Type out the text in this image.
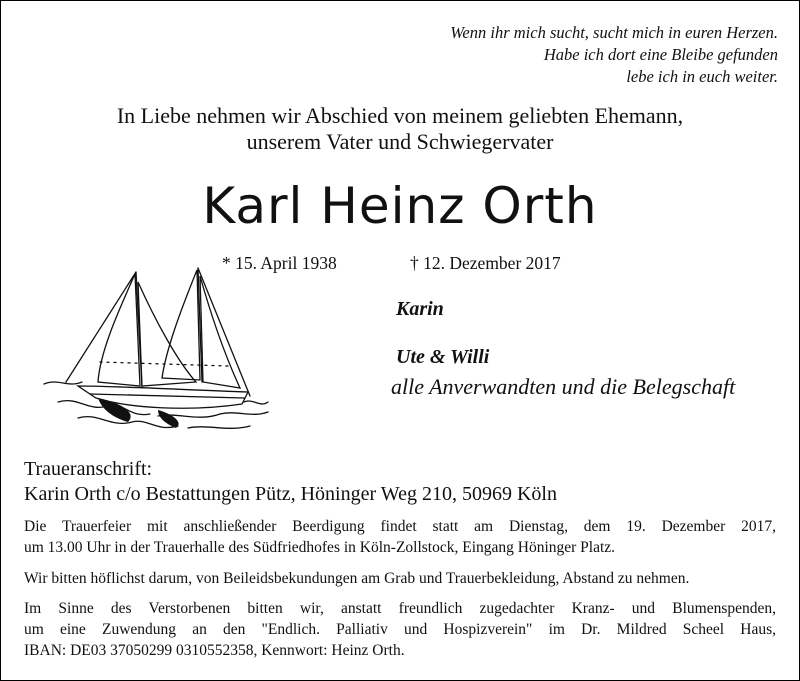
Wenn ihr mich sucht, sucht mich in euren Herzen.
Habe ich dort eine Bleibe gefunden
lebe ich in euch weiter.
In Liebe nehmen wir Abschied von meinem geliebten Ehemann,
unserem Vater und Schwiegervater
Karl Heinz Orth
* 15. April 1938	† 12. Dezember 2017
Karin
Ute & Willi
alle Anverwandten und die Belegschaft
Traueranschrift:
Karin Orth c/o Bestattungen Pütz, Höninger Weg 210, 50969 Köln
Die Trauerfeier mit anschließender Beerdigung findet statt am Dienstag, dem 19. Dezember 2017,
um 13.00 Uhr in der Trauerhalle des Südfriedhofes in Köln-Zollstock, Eingang Höninger Platz.
Wir bitten höflichst darum, von Beileidsbekundungen am Grab und Trauerbekleidung, Abstand zu nehmen.
Im Sinne des Verstorbenen bitten wir, anstatt freundlich zugedachter Kranz- und Blumenspenden,
um eine Zuwendung an den "Endlich. Palliativ und Hospizverein" im Dr. Mildred Scheel Haus,
IBAN: DE03 37050299 0310552358, Kennwort: Heinz Orth.
